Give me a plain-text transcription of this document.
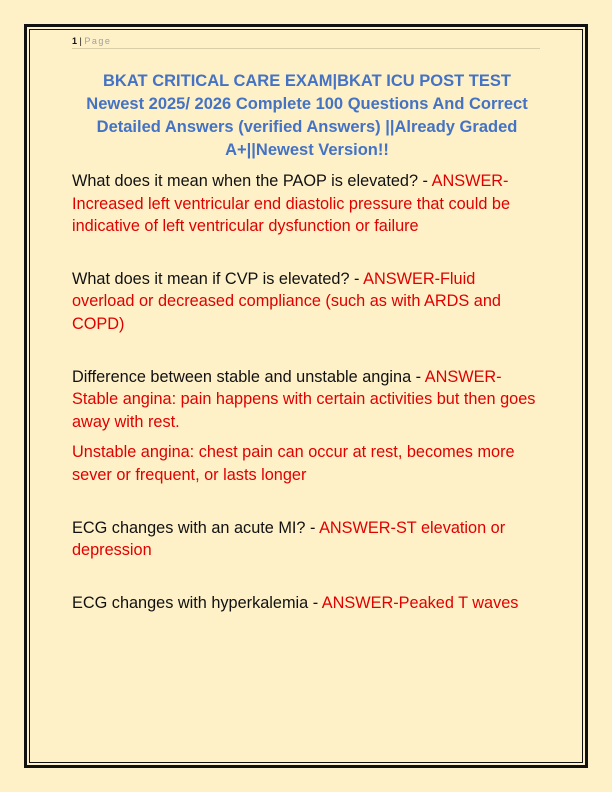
1 | Page
BKAT CRITICAL CARE EXAM|BKAT ICU POST TEST Newest 2025/ 2026 Complete 100 Questions And Correct Detailed Answers (verified Answers) ||Already Graded A+||Newest Version!!

What does it mean when the PAOP is elevated? - ANSWER-Increased left ventricular end diastolic pressure that could be indicative of left ventricular dysfunction or failure

What does it mean if CVP is elevated? - ANSWER-Fluid overload or decreased compliance (such as with ARDS and COPD)

Difference between stable and unstable angina - ANSWER-Stable angina: pain happens with certain activities but then goes away with rest.

Unstable angina: chest pain can occur at rest, becomes more sever or frequent, or lasts longer

ECG changes with an acute MI? - ANSWER-ST elevation or depression

ECG changes with hyperkalemia - ANSWER-Peaked T waves
